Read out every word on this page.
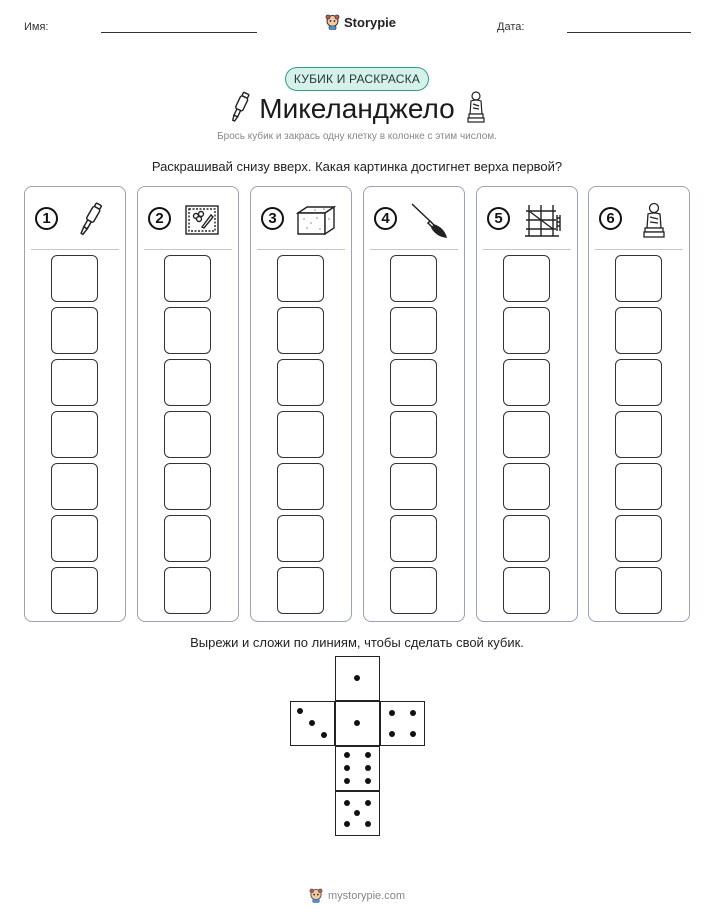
Имя:	Storypie	Дата:
КУБИК И РАСКРАСКА
Микеланджело
Брось кубик и закрась одну клетку в колонке с этим числом.
Раскрашивай снизу вверх. Какая картинка достигнет верха первой?
1	2	3	4	5	6
Вырежи и сложи по линиям, чтобы сделать свой кубик.
mystorypie.com
